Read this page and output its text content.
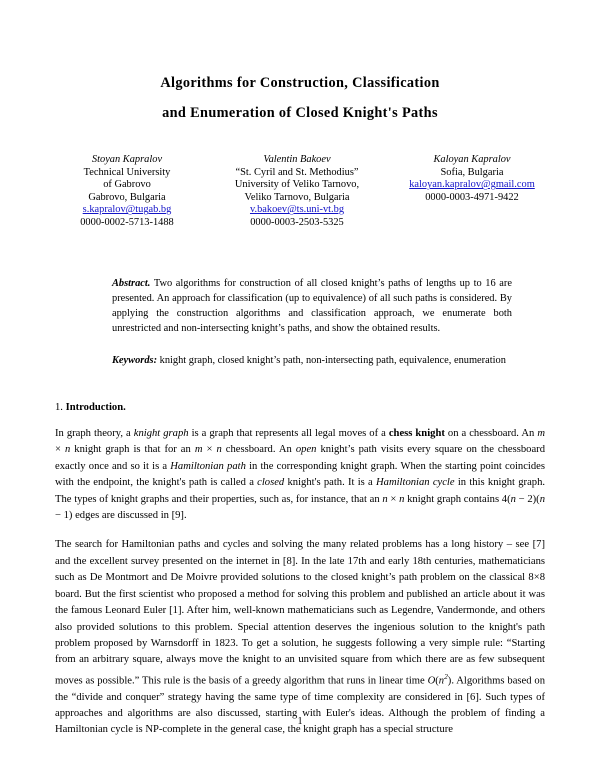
Algorithms for Construction, Classification
and Enumeration of Closed Knight's Paths
Stoyan Kapralov
Technical University
of Gabrovo
Gabrovo, Bulgaria
s.kapralov@tugab.bg
0000-0002-5713-1488
Valentin Bakoev
“St. Cyril and St. Methodius”
University of Veliko Tarnovo,
Veliko Tarnovo, Bulgaria
v.bakoev@ts.uni-vt.bg
0000-0003-2503-5325
Kaloyan Kapralov
Sofia, Bulgaria
kaloyan.kapralov@gmail.com
0000-0003-4971-9422
Abstract. Two algorithms for construction of all closed knight’s paths of lengths up to 16 are presented. An approach for classification (up to equivalence) of all such paths is considered. By applying the construction algorithms and classification approach, we enumerate both unrestricted and non-intersecting knight’s paths, and show the obtained results.
Keywords: knight graph, closed knight’s path, non-intersecting path, equivalence, enumeration
1. Introduction.
In graph theory, a knight graph is a graph that represents all legal moves of a chess knight on a chessboard. An m × n knight graph is that for an m × n chessboard. An open knight’s path visits every square on the chessboard exactly once and so it is a Hamiltonian path in the corresponding knight graph. When the starting point coincides with the endpoint, the knight's path is called a closed knight's path. It is a Hamiltonian cycle in this knight graph. The types of knight graphs and their properties, such as, for instance, that an n × n knight graph contains 4(n − 2)(n − 1) edges are discussed in [9].
The search for Hamiltonian paths and cycles and solving the many related problems has a long history – see [7] and the excellent survey presented on the internet in [8]. In the late 17th and early 18th centuries, mathematicians such as De Montmort and De Moivre provided solutions to the closed knight’s path problem on the classical 8×8 board. But the first scientist who proposed a method for solving this problem and published an article about it was the famous Leonard Euler [1]. After him, well-known mathematicians such as Legendre, Vandermonde, and others also provided solutions to this problem. Special attention deserves the ingenious solution to the knight's path problem proposed by Warnsdorff in 1823. To get a solution, he suggests following a very simple rule: “Starting from an arbitrary square, always move the knight to an unvisited square from which there are as few subsequent moves as possible.” This rule is the basis of a greedy algorithm that runs in linear time $O(n^2)$. Algorithms based on the “divide and conquer” strategy having the same type of time complexity are considered in [6]. Such types of approaches and algorithms are also discussed, starting with Euler's ideas. Although the problem of finding a Hamiltonian cycle is NP-complete in the general case, the knight graph has a special structure
1
